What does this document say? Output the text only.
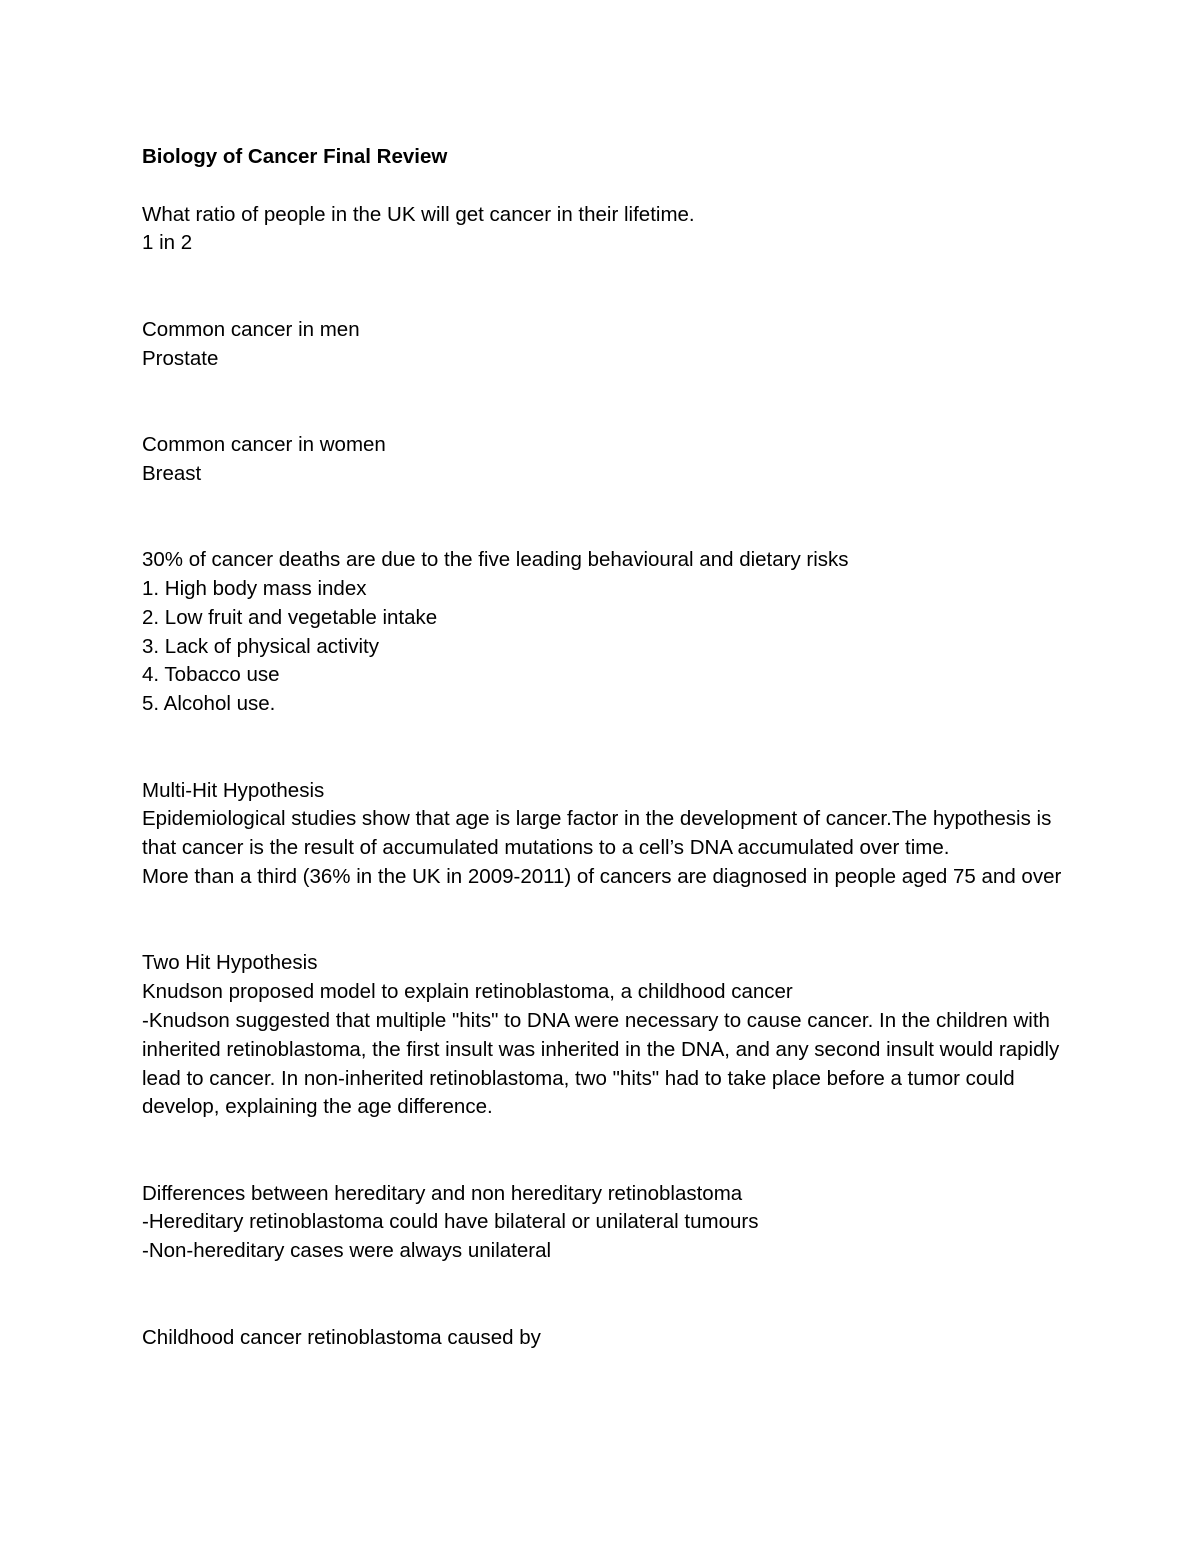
Biology of Cancer Final Review
What ratio of people in the UK will get cancer in their lifetime.
1 in 2
Common cancer in men
Prostate
Common cancer in women
Breast
30% of cancer deaths are due to the five leading behavioural and dietary risks
1. High body mass index
2. Low fruit and vegetable intake
3. Lack of physical activity
4. Tobacco use
5. Alcohol use.
Multi-Hit Hypothesis
Epidemiological studies show that age is large factor in the development of cancer.The hypothesis is that cancer is the result of accumulated mutations to a cell’s DNA accumulated over time.
More than a third (36% in the UK in 2009-2011) of cancers are diagnosed in people aged 75 and over
Two Hit Hypothesis
Knudson proposed model to explain retinoblastoma, a childhood cancer
-Knudson suggested that multiple "hits" to DNA were necessary to cause cancer. In the children with inherited retinoblastoma, the first insult was inherited in the DNA, and any second insult would rapidly lead to cancer. In non-inherited retinoblastoma, two "hits" had to take place before a tumor could develop, explaining the age difference.
Differences between hereditary and non hereditary retinoblastoma
-Hereditary retinoblastoma could have bilateral or unilateral tumours
-Non-hereditary cases were always unilateral
Childhood cancer retinoblastoma caused by
